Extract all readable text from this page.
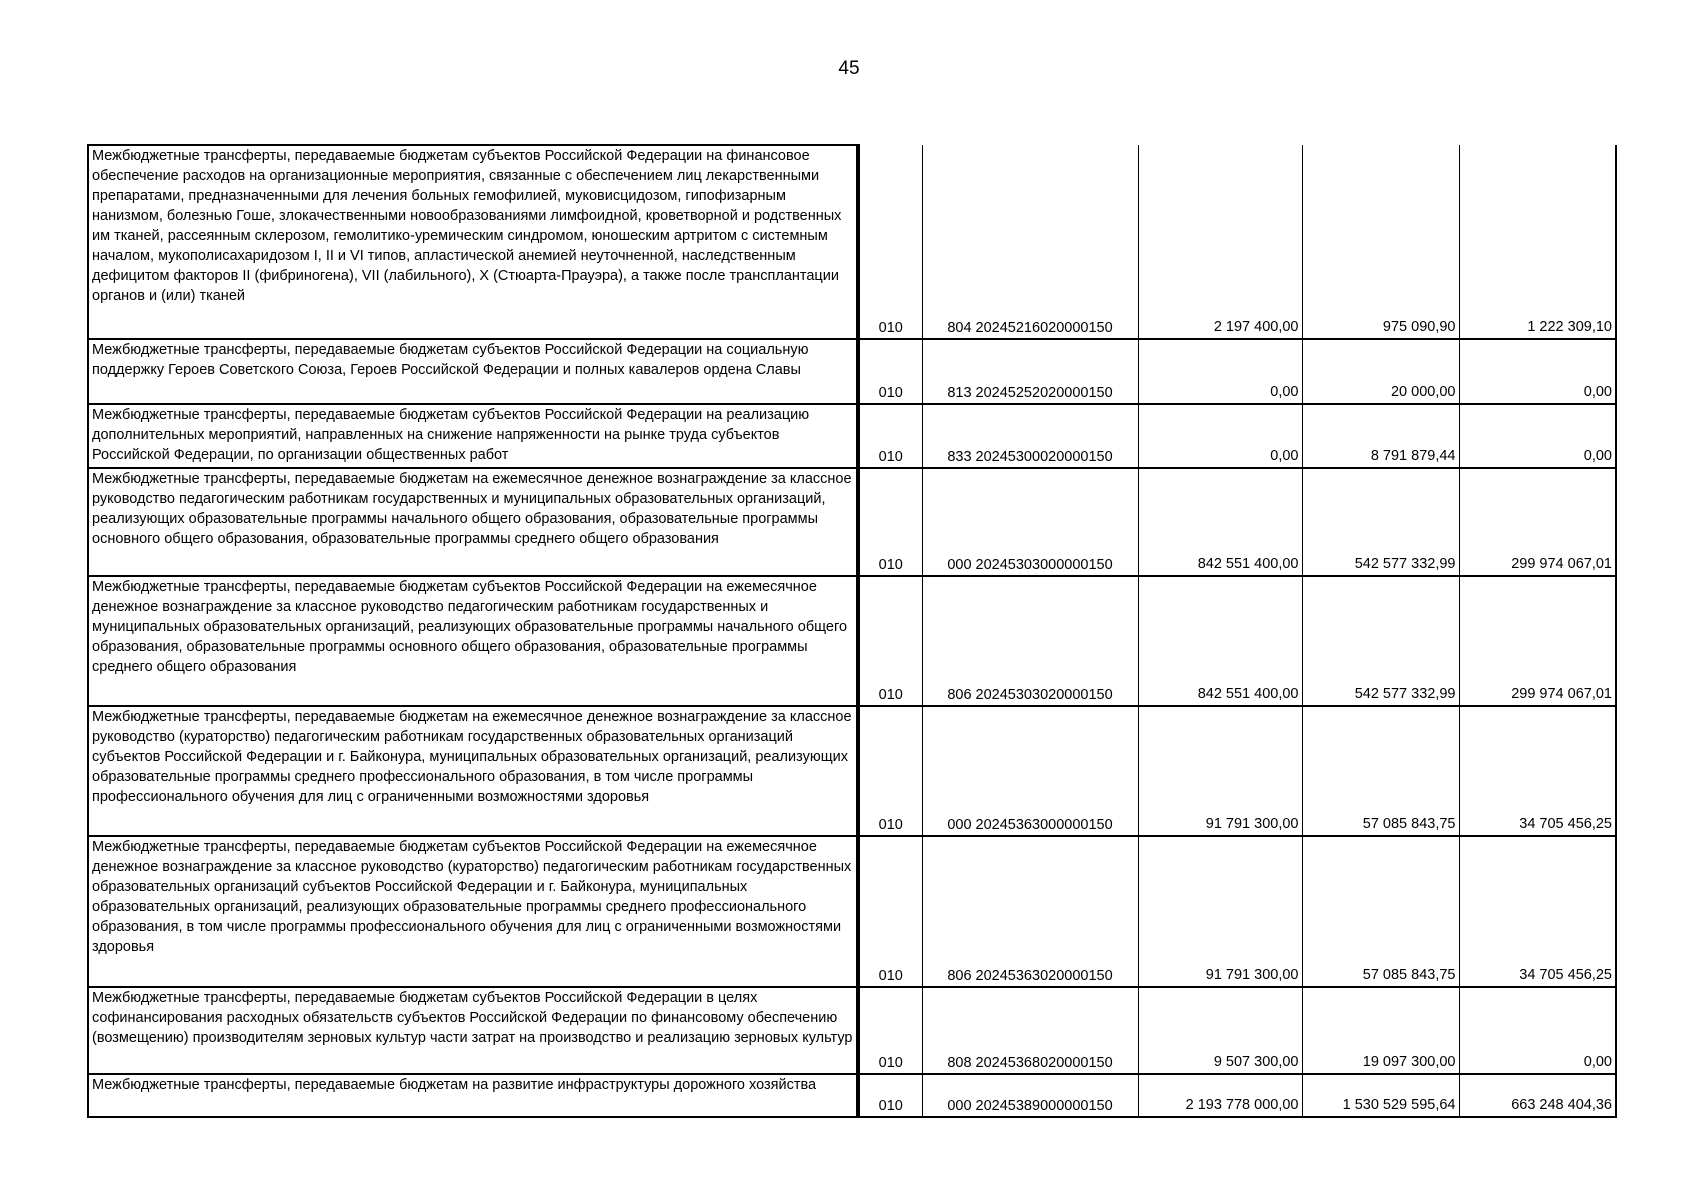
45
Межбюджетные трансферты, передаваемые бюджетам субъектов Российской Федерации на финансовое обеспечение расходов на организационные мероприятия, связанные с обеспечением лиц лекарственными препаратами, предназначенными для лечения больных гемофилией, муковисцидозом, гипофизарным нанизмом, болезнью Гоше, злокачественными новообразованиями лимфоидной, кроветворной и родственных им тканей, рассеянным склерозом, гемолитико-уремическим синдромом, юношеским артритом с системным началом, мукополисахаридозом I, II и VI типов, апластической анемией неуточненной, наследственным дефицитом факторов II (фибриногена), VII (лабильного), X (Стюарта-Прауэра), а также после трансплантации органов и (или) тканей	010	804 20245216020000150	2 197 400,00	975 090,90	1 222 309,10
Межбюджетные трансферты, передаваемые бюджетам субъектов Российской Федерации на социальную поддержку Героев Советского Союза, Героев Российской Федерации и полных кавалеров ордена Славы	010	813 20245252020000150	0,00	20 000,00	0,00
Межбюджетные трансферты, передаваемые бюджетам субъектов Российской Федерации на реализацию дополнительных мероприятий, направленных на снижение напряженности на рынке труда субъектов Российской Федерации, по организации общественных работ	010	833 20245300020000150	0,00	8 791 879,44	0,00
Межбюджетные трансферты, передаваемые бюджетам на ежемесячное денежное вознаграждение за классное руководство педагогическим работникам государственных и муниципальных образовательных организаций, реализующих образовательные программы начального общего образования, образовательные программы основного общего образования, образовательные программы среднего общего образования	010	000 20245303000000150	842 551 400,00	542 577 332,99	299 974 067,01
Межбюджетные трансферты, передаваемые бюджетам субъектов Российской Федерации на ежемесячное денежное вознаграждение за классное руководство педагогическим работникам государственных и муниципальных образовательных организаций, реализующих образовательные программы начального общего образования, образовательные программы основного общего образования, образовательные программы среднего общего образования	010	806 20245303020000150	842 551 400,00	542 577 332,99	299 974 067,01
Межбюджетные трансферты, передаваемые бюджетам на ежемесячное денежное вознаграждение за классное руководство (кураторство) педагогическим работникам государственных образовательных организаций субъектов Российской Федерации и г. Байконура, муниципальных образовательных организаций, реализующих образовательные программы среднего профессионального образования, в том числе программы профессионального обучения для лиц с ограниченными возможностями здоровья	010	000 20245363000000150	91 791 300,00	57 085 843,75	34 705 456,25
Межбюджетные трансферты, передаваемые бюджетам субъектов Российской Федерации на ежемесячное денежное вознаграждение за классное руководство (кураторство) педагогическим работникам государственных образовательных организаций субъектов Российской Федерации и г. Байконура, муниципальных образовательных организаций, реализующих образовательные программы среднего профессионального образования, в том числе программы профессионального обучения для лиц с ограниченными возможностями здоровья	010	806 20245363020000150	91 791 300,00	57 085 843,75	34 705 456,25
Межбюджетные трансферты, передаваемые бюджетам субъектов Российской Федерации в целях софинансирования расходных обязательств субъектов Российской Федерации по финансовому обеспечению (возмещению) производителям зерновых культур части затрат на производство и реализацию зерновых культур	010	808 20245368020000150	9 507 300,00	19 097 300,00	0,00
Межбюджетные трансферты, передаваемые бюджетам на развитие инфраструктуры дорожного хозяйства	010	000 20245389000000150	2 193 778 000,00	1 530 529 595,64	663 248 404,36
